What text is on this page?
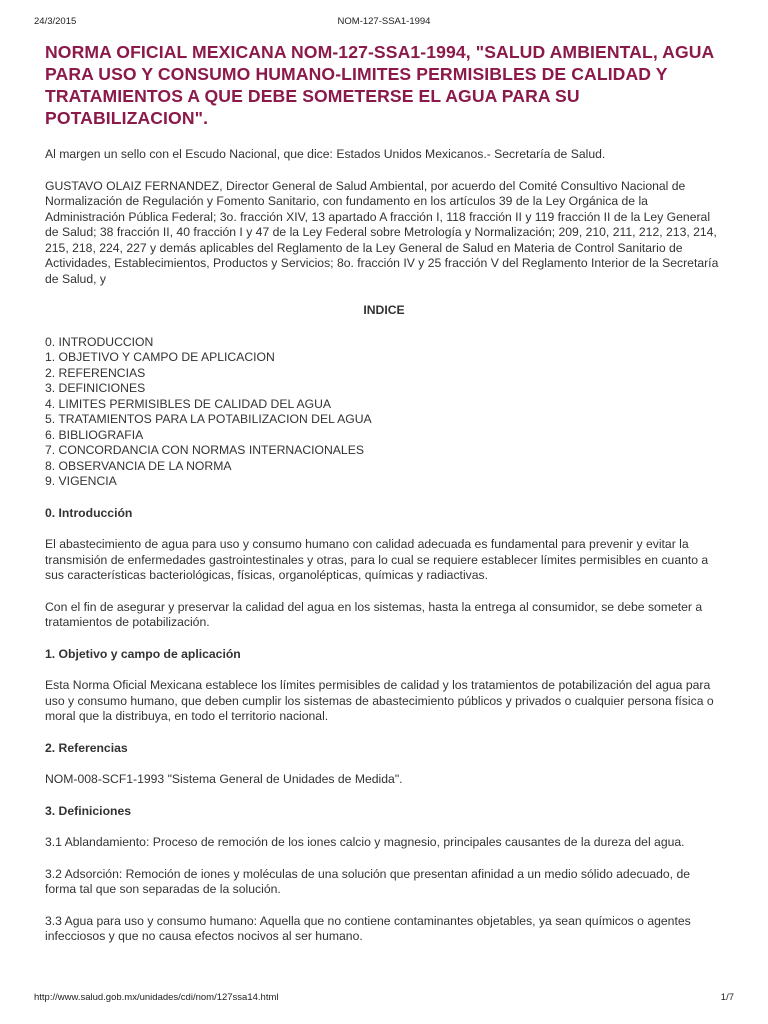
24/3/2015	NOM-127-SSA1-1994
NORMA OFICIAL MEXICANA NOM-127-SSA1-1994, "SALUD AMBIENTAL, AGUA PARA USO Y CONSUMO HUMANO-LIMITES PERMISIBLES DE CALIDAD Y TRATAMIENTOS A QUE DEBE SOMETERSE EL AGUA PARA SU POTABILIZACION".

Al margen un sello con el Escudo Nacional, que dice: Estados Unidos Mexicanos.- Secretaría de Salud.

GUSTAVO OLAIZ FERNANDEZ, Director General de Salud Ambiental, por acuerdo del Comité Consultivo Nacional de Normalización de Regulación y Fomento Sanitario, con fundamento en los artículos 39 de la Ley Orgánica de la Administración Pública Federal; 3o. fracción XIV, 13 apartado A fracción I, 118 fracción II y 119 fracción II de la Ley General de Salud; 38 fracción II, 40 fracción I y 47 de la Ley Federal sobre Metrología y Normalización; 209, 210, 211, 212, 213, 214, 215, 218, 224, 227 y demás aplicables del Reglamento de la Ley General de Salud en Materia de Control Sanitario de Actividades, Establecimientos, Productos y Servicios; 8o. fracción IV y 25 fracción V del Reglamento Interior de la Secretaría de Salud, y

INDICE
0. INTRODUCCION
1. OBJETIVO Y CAMPO DE APLICACION
2. REFERENCIAS
3. DEFINICIONES
4. LIMITES PERMISIBLES DE CALIDAD DEL AGUA
5. TRATAMIENTOS PARA LA POTABILIZACION DEL AGUA
6. BIBLIOGRAFIA
7. CONCORDANCIA CON NORMAS INTERNACIONALES
8. OBSERVANCIA DE LA NORMA
9. VIGENCIA
0. Introducción

El abastecimiento de agua para uso y consumo humano con calidad adecuada es fundamental para prevenir y evitar la transmisión de enfermedades gastrointestinales y otras, para lo cual se requiere establecer límites permisibles en cuanto a sus características bacteriológicas, físicas, organolépticas, químicas y radiactivas.

Con el fin de asegurar y preservar la calidad del agua en los sistemas, hasta la entrega al consumidor, se debe someter a tratamientos de potabilización.

1. Objetivo y campo de aplicación

Esta Norma Oficial Mexicana establece los límites permisibles de calidad y los tratamientos de potabilización del agua para uso y consumo humano, que deben cumplir los sistemas de abastecimiento públicos y privados o cualquier persona física o moral que la distribuya, en todo el territorio nacional.

2. Referencias

NOM-008-SCF1-1993 "Sistema General de Unidades de Medida".

3. Definiciones

3.1 Ablandamiento: Proceso de remoción de los iones calcio y magnesio, principales causantes de la dureza del agua.

3.2 Adsorción: Remoción de iones y moléculas de una solución que presentan afinidad a un medio sólido adecuado, de forma tal que son separadas de la solución.

3.3 Agua para uso y consumo humano: Aquella que no contiene contaminantes objetables, ya sean químicos o agentes infecciosos y que no causa efectos nocivos al ser humano.

http://www.salud.gob.mx/unidades/cdi/nom/127ssa14.html	1/7
